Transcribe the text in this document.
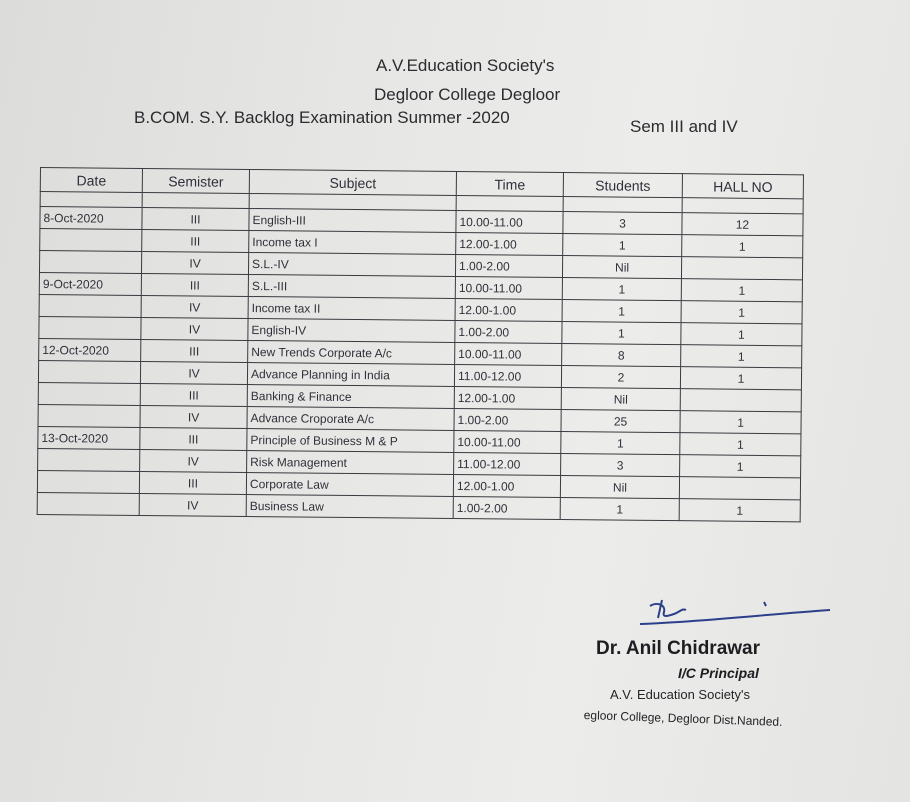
A.V.Education Society's
Degloor College Degloor
B.COM. S.Y. Backlog Examination Summer -2020	Sem III and IV
Date	Semister	Subject	Time	Students	HALL NO

8-Oct-2020	III	English-III	10.00-11.00	3	12
	III	Income tax I	12.00-1.00	1	1
	IV	S.L.-IV	1.00-2.00	Nil	
9-Oct-2020	III	S.L.-III	10.00-11.00	1	1
	IV	Income tax II	12.00-1.00	1	1
	IV	English-IV	1.00-2.00	1	1
12-Oct-2020	III	New Trends Corporate A/c	10.00-11.00	8	1
	IV	Advance Planning in India	11.00-12.00	2	1
	III	Banking & Finance	12.00-1.00	Nil	
	IV	Advance Croporate A/c	1.00-2.00	25	1
13-Oct-2020	III	Principle of Business M & P	10.00-11.00	1	1
	IV	Risk Management	11.00-12.00	3	1
	III	Corporate Law	12.00-1.00	Nil	
	IV	Business Law	1.00-2.00	1	1
Dr. Anil Chidrawar
I/C Principal
A.V. Education Society's
egloor College, Degloor Dist.Nanded.
